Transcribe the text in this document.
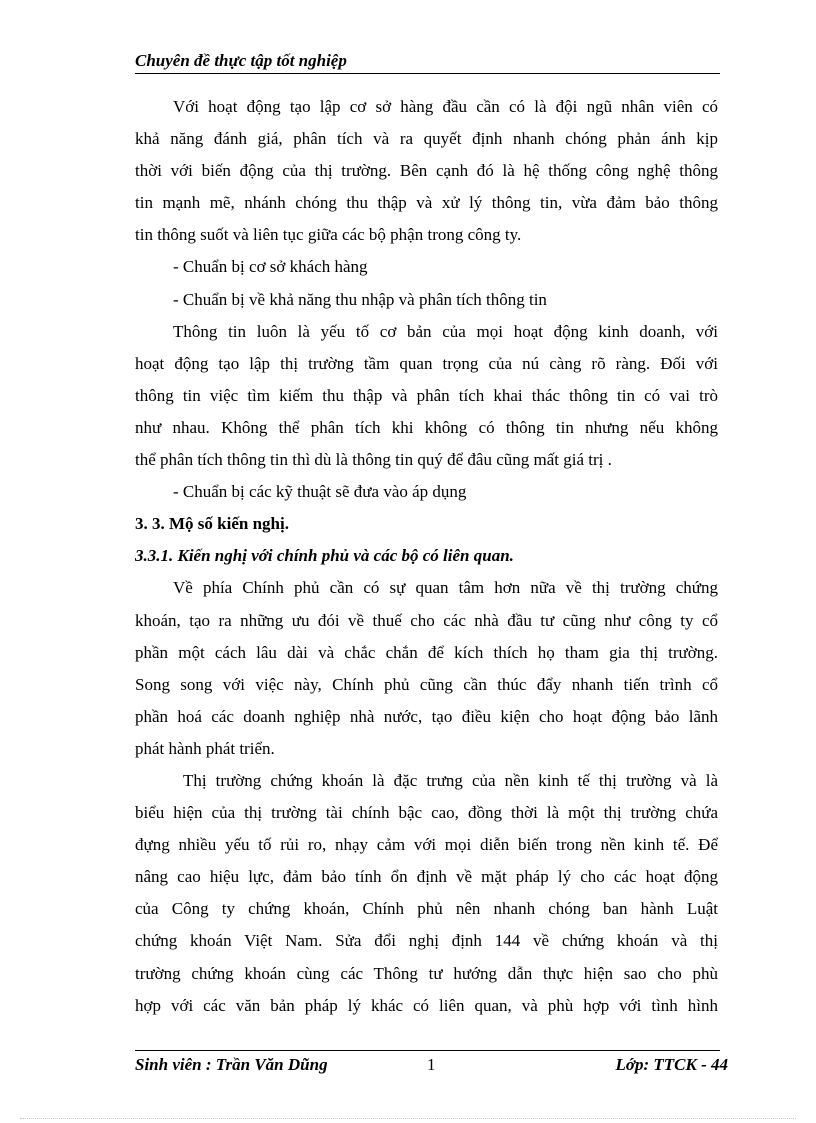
Chuyên đề thực tập tốt nghiệp
Với hoạt động tạo lập cơ sở hàng đầu cần có là đội ngũ nhân viên có
khả năng đánh giá, phân tích và ra quyết định nhanh chóng phản ánh kịp
thời với biến động của thị trường. Bên cạnh đó là hệ thống công nghệ thông
tin mạnh mẽ, nhánh chóng thu thập và xử lý thông tin, vừa đảm bảo thông
tin thông suốt và liên tục giữa các bộ phận trong công ty.
- Chuẩn bị cơ sở khách hàng
- Chuẩn bị về khả năng thu nhập và phân tích thông tin
Thông tin luôn là yếu tố cơ bản của mọi hoạt động kinh doanh, với
hoạt động tạo lập thị trường tầm quan trọng của nú càng rõ ràng. Đối với
thông tin việc tìm kiếm thu thập và phân tích khai thác thông tin có vai trò
như nhau. Không thể phân tích khi không có thông tin nhưng nếu không
thể phân tích thông tin thì dù là thông tin quý để đâu cũng mất giá trị .
- Chuẩn bị các kỹ thuật sẽ đưa vào áp dụng
3. 3. Mộ số kiến nghị.
3.3.1. Kiến nghị với chính phủ và các bộ có liên quan.
Về phía Chính phủ cần có sự quan tâm hơn nữa về thị trường chứng
khoán, tạo ra những ưu đói về thuế cho các nhà đầu tư cũng như công ty cổ
phần một cách lâu dài và chắc chắn để kích thích họ tham gia thị trường.
Song song với việc này, Chính phủ cũng cần thúc đẩy nhanh tiến trình cổ
phần hoá các doanh nghiệp nhà nước, tạo điều kiện cho hoạt động bảo lãnh
phát hành phát triển.
Thị trường chứng khoán là đặc trưng của nền kinh tế thị trường và là
biểu hiện của thị trường tài chính bậc cao, đồng thời là một thị trường chứa
đựng nhiều yếu tố rủi ro, nhạy cảm với mọi diễn biến trong nền kinh tế. Để
nâng cao hiệu lực, đảm bảo tính ổn định về mặt pháp lý cho các hoạt động
của Công ty chứng khoán, Chính phủ nên nhanh chóng ban hành Luật
chứng khoán Việt Nam. Sửa đổi nghị định 144 về chứng khoán và thị
trường chứng khoán cùng các Thông tư hướng dẫn thực hiện sao cho phù
hợp với các văn bản pháp lý khác có liên quan, và phù hợp với tình hình
Sinh viên : Trần Văn Dũng	1	Lớp: TTCK - 44
